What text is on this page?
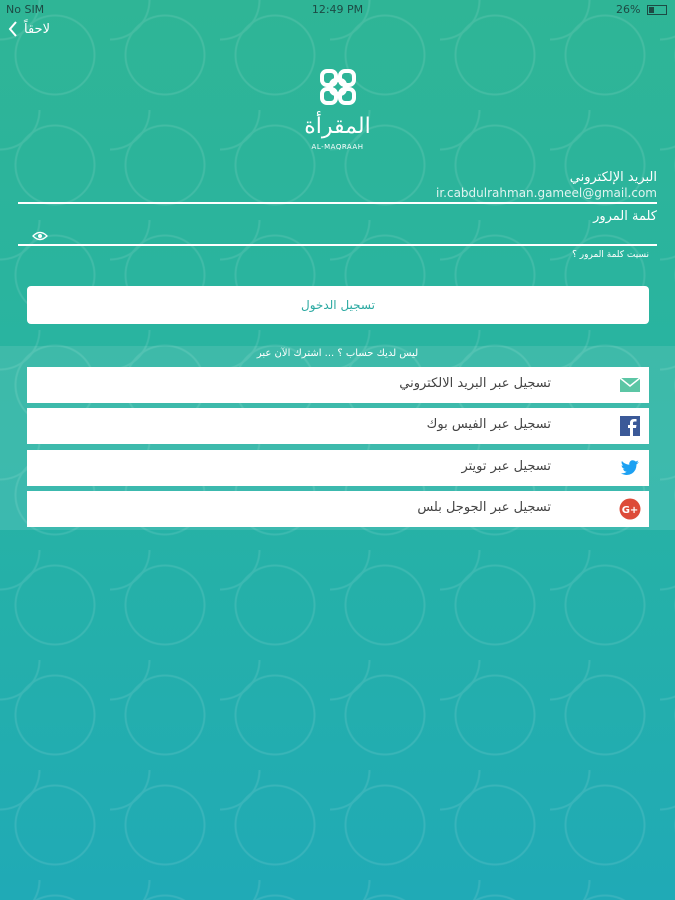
No SIM	12:49 PM	26%
لاحقاً
المقرأة
AL-MAQRAAH
البريد الإلكتروني
ir.cabdulrahman.gameel@gmail.com
كلمة المرور
نسيت كلمة المرور ؟
تسجيل الدخول
ليس لديك حساب ؟ ... اشترك الآن عبر
تسجيل عبر البريد الالكتروني
تسجيل عبر الفيس بوك
تسجيل عبر تويتر
تسجيل عبر الجوجل بلس	G+
